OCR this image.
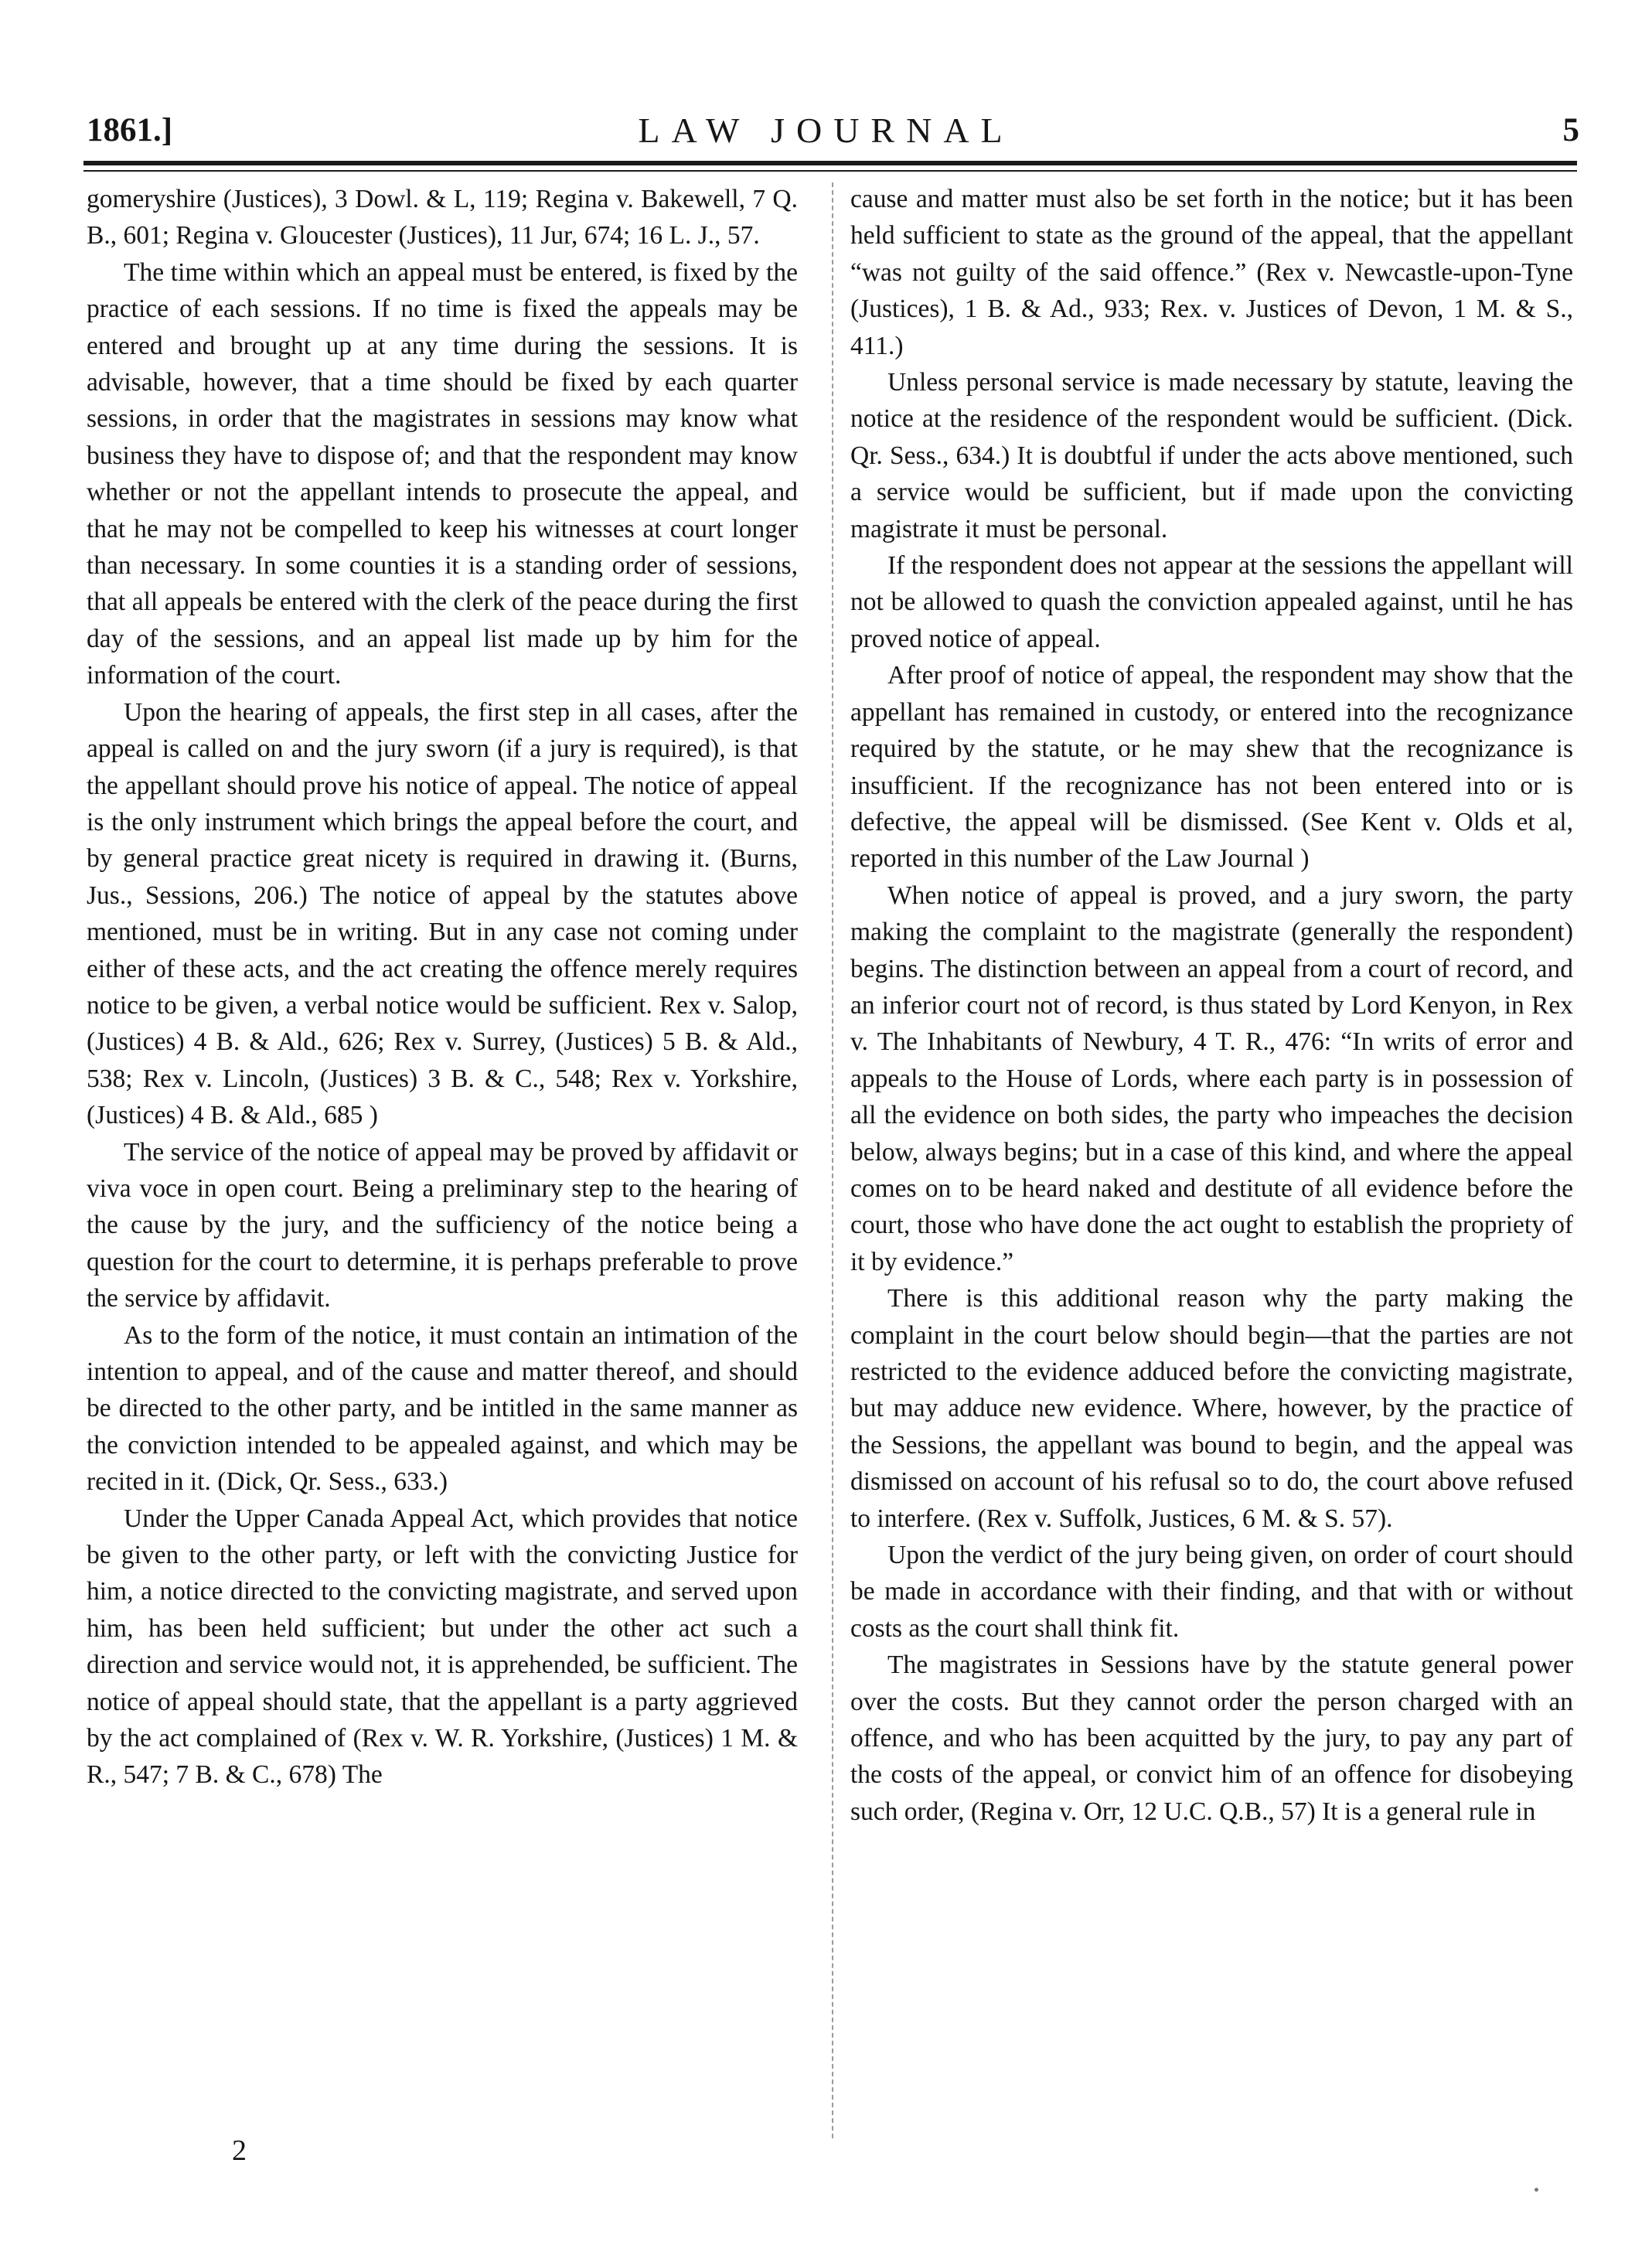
1861.]	LAW JOURNAL	5

gomeryshire (Justices), 3 Dowl. & L, 119; Regina v. Bakewell, 7 Q. B., 601; Regina v. Gloucester (Justices), 11 Jur, 674; 16 L. J., 57.

The time within which an appeal must be entered, is fixed by the practice of each sessions. If no time is fixed the appeals may be entered and brought up at any time during the sessions. It is advisable, however, that a time should be fixed by each quarter sessions, in order that the magistrates in sessions may know what business they have to dispose of; and that the respondent may know whether or not the appellant intends to prosecute the appeal, and that he may not be compelled to keep his witnesses at court longer than necessary. In some counties it is a standing order of sessions, that all appeals be entered with the clerk of the peace during the first day of the sessions, and an appeal list made up by him for the information of the court.

Upon the hearing of appeals, the first step in all cases, after the appeal is called on and the jury sworn (if a jury is required), is that the appellant should prove his notice of appeal. The notice of appeal is the only instrument which brings the appeal before the court, and by general practice great nicety is required in drawing it. (Burns, Jus., Sessions, 206.) The notice of appeal by the statutes above mentioned, must be in writing. But in any case not coming under either of these acts, and the act creating the offence merely requires notice to be given, a verbal notice would be sufficient. Rex v. Salop, (Justices) 4 B. & Ald., 626; Rex v. Surrey, (Justices) 5 B. & Ald., 538; Rex v. Lincoln, (Justices) 3 B. & C., 548; Rex v. Yorkshire, (Justices) 4 B. & Ald., 685 )

The service of the notice of appeal may be proved by affidavit or viva voce in open court. Being a preliminary step to the hearing of the cause by the jury, and the sufficiency of the notice being a question for the court to determine, it is perhaps preferable to prove the service by affidavit.

As to the form of the notice, it must contain an intimation of the intention to appeal, and of the cause and matter thereof, and should be directed to the other party, and be intitled in the same manner as the conviction intended to be appealed against, and which may be recited in it. (Dick, Qr. Sess., 633.)

Under the Upper Canada Appeal Act, which provides that notice be given to the other party, or left with the convicting Justice for him, a notice directed to the convicting magistrate, and served upon him, has been held sufficient; but under the other act such a direction and service would not, it is apprehended, be sufficient. The notice of appeal should state, that the appellant is a party aggrieved by the act complained of (Rex v. W. R. Yorkshire, (Justices) 1 M. & R., 547; 7 B. & C., 678) The

cause and matter must also be set forth in the notice; but it has been held sufficient to state as the ground of the appeal, that the appellant “was not guilty of the said offence.” (Rex v. Newcastle-upon-Tyne (Justices), 1 B. & Ad., 933; Rex. v. Justices of Devon, 1 M. & S., 411.)

Unless personal service is made necessary by statute, leaving the notice at the residence of the respondent would be sufficient. (Dick. Qr. Sess., 634.) It is doubtful if under the acts above mentioned, such a service would be sufficient, but if made upon the convicting magistrate it must be personal.

If the respondent does not appear at the sessions the appellant will not be allowed to quash the conviction appealed against, until he has proved notice of appeal.

After proof of notice of appeal, the respondent may show that the appellant has remained in custody, or entered into the recognizance required by the statute, or he may shew that the recognizance is insufficient. If the recognizance has not been entered into or is defective, the appeal will be dismissed. (See Kent v. Olds et al, reported in this number of the Law Journal )

When notice of appeal is proved, and a jury sworn, the party making the complaint to the magistrate (generally the respondent) begins. The distinction between an appeal from a court of record, and an inferior court not of record, is thus stated by Lord Kenyon, in Rex v. The Inhabitants of Newbury, 4 T. R., 476: “In writs of error and appeals to the House of Lords, where each party is in possession of all the evidence on both sides, the party who impeaches the decision below, always begins; but in a case of this kind, and where the appeal comes on to be heard naked and destitute of all evidence before the court, those who have done the act ought to establish the propriety of it by evidence.”

There is this additional reason why the party making the complaint in the court below should begin—that the parties are not restricted to the evidence adduced before the convicting magistrate, but may adduce new evidence. Where, however, by the practice of the Sessions, the appellant was bound to begin, and the appeal was dismissed on account of his refusal so to do, the court above refused to interfere. (Rex v. Suffolk, Justices, 6 M. & S. 57).

Upon the verdict of the jury being given, on order of court should be made in accordance with their finding, and that with or without costs as the court shall think fit.

The magistrates in Sessions have by the statute general power over the costs. But they cannot order the person charged with an offence, and who has been acquitted by the jury, to pay any part of the costs of the appeal, or convict him of an offence for disobeying such order, (Regina v. Orr, 12 U.C. Q.B., 57) It is a general rule in

2
